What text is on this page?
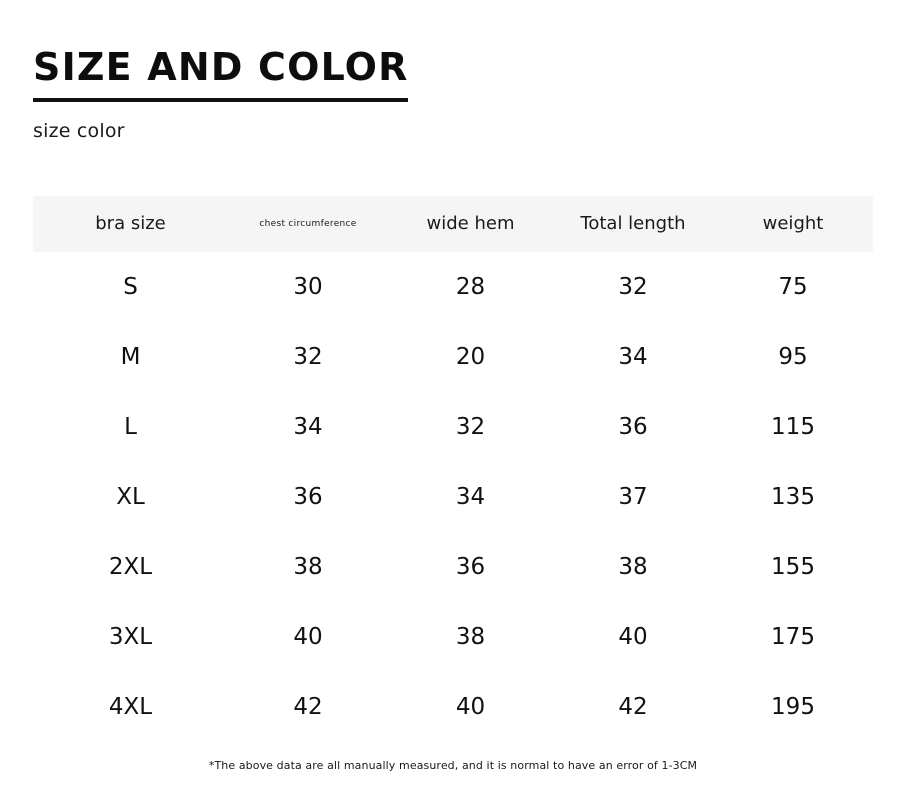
SIZE AND COLOR
size color
bra size	chest circumference	wide hem	Total length	weight
S	30	28	32	75
M	32	20	34	95
L	34	32	36	115
XL	36	34	37	135
2XL	38	36	38	155
3XL	40	38	40	175
4XL	42	40	42	195
*The above data are all manually measured, and it is normal to have an error of 1-3CM
